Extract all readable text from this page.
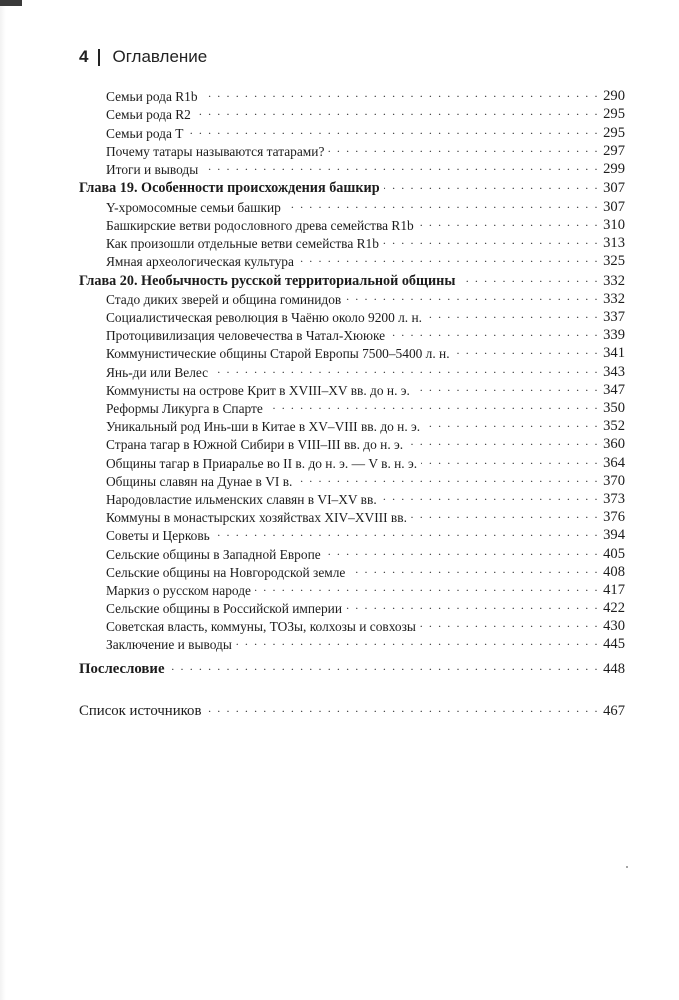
4 Оглавление
Семьи рода R1b . . .	290
Семьи рода R2 . . .	295
Семьи рода T . . .	295
Почему татары называются татарами? . . .	297
Итоги и выводы . . .	299
Глава 19. Особенности происхождения башкир . . .	307
Y-хромосомные семьи башкир . . .	307
Башкирские ветви родословного древа семейства R1b . . .	310
Как произошли отдельные ветви семейства R1b . . .	313
Ямная археологическая культура . . .	325
Глава 20. Необычность русской территориальной общины . . .	332
Стадо диких зверей и община гоминидов . . .	332
Социалистическая революция в Чаёню около 9200 л. н. . . .	337
Протоцивилизация человечества в Чатал-Хююке . . .	339
Коммунистические общины Старой Европы 7500–5400 л. н. . . .	341
Янь-ди или Велес . . .	343
Коммунисты на острове Крит в XVIII–XV вв. до н. э. . . .	347
Реформы Ликурга в Спарте . . .	350
Уникальный род Инь-ши в Китае в XV–VIII вв. до н. э. . . .	352
Страна тагар в Южной Сибири в VIII–III вв. до н. э. . . .	360
Общины тагар в Приаралье во II в. до н. э. — V в. н. э. . . .	364
Общины славян на Дунае в VI в. . . .	370
Народовластие ильменских славян в VI–XV вв. . . .	373
Коммуны в монастырских хозяйствах XIV–XVIII вв. . . .	376
Советы и Церковь . . .	394
Сельские общины в Западной Европе . . .	405
Сельские общины на Новгородской земле . . .	408
Маркиз о русском народе . . .	417
Сельские общины в Российской империи . . .	422
Советская власть, коммуны, ТОЗы, колхозы и совхозы . . .	430
Заключение и выводы . . .	445
Послесловие . . .	448
Список источников . . .	467
